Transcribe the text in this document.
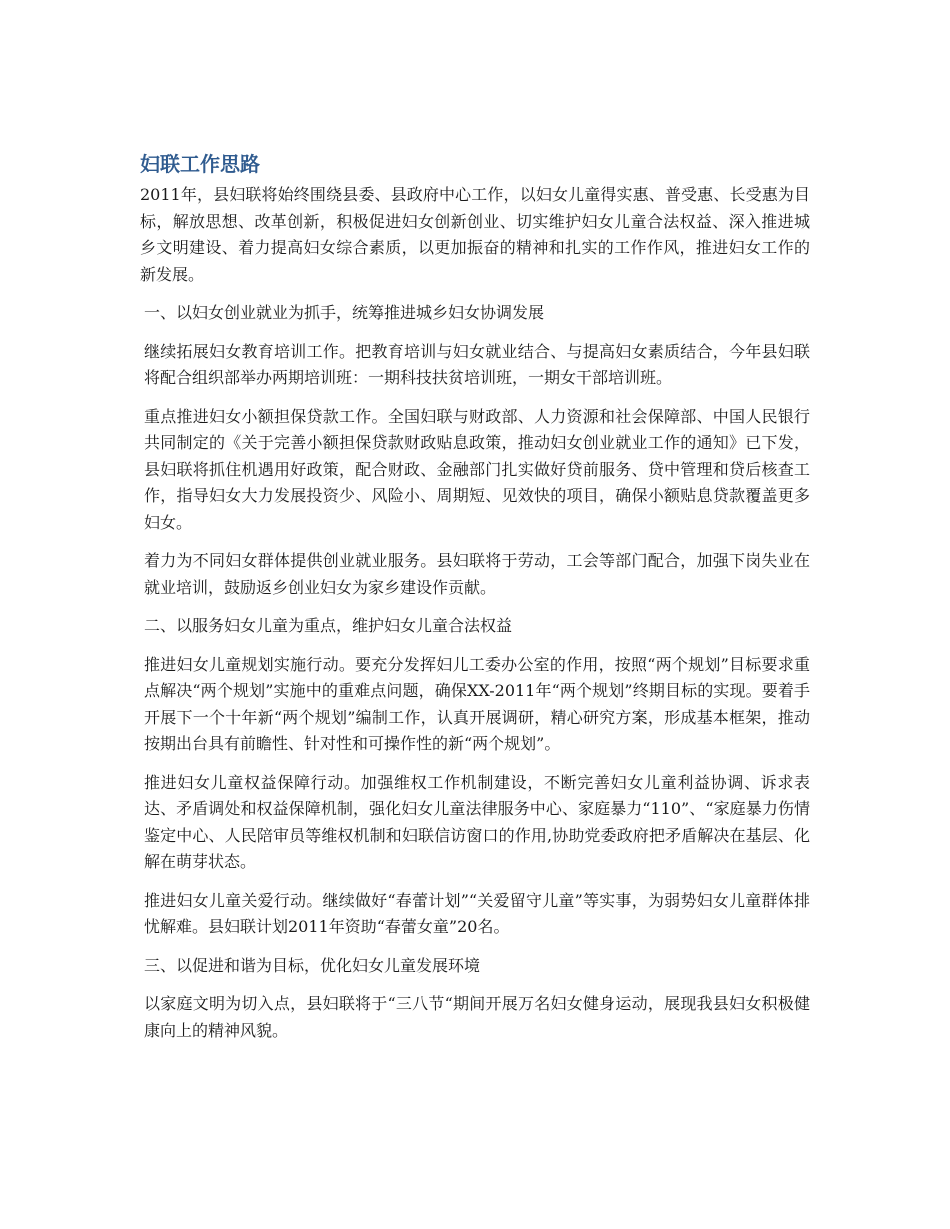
妇联工作思路

2011年，县妇联将始终围绕县委、县政府中心工作，以妇女儿童得实惠、普受惠、长受惠为目标，解放思想、改革创新，积极促进妇女创新创业、切实维护妇女儿童合法权益、深入推进城乡文明建设、着力提高妇女综合素质，以更加振奋的精神和扎实的工作作风，推进妇女工作的新发展。

一、以妇女创业就业为抓手，统筹推进城乡妇女协调发展

继续拓展妇女教育培训工作。把教育培训与妇女就业结合、与提高妇女素质结合，今年县妇联将配合组织部举办两期培训班：一期科技扶贫培训班，一期女干部培训班。

重点推进妇女小额担保贷款工作。全国妇联与财政部、人力资源和社会保障部、中国人民银行共同制定的《关于完善小额担保贷款财政贴息政策，推动妇女创业就业工作的通知》已下发，县妇联将抓住机遇用好政策，配合财政、金融部门扎实做好贷前服务、贷中管理和贷后核查工作，指导妇女大力发展投资少、风险小、周期短、见效快的项目，确保小额贴息贷款覆盖更多妇女。

着力为不同妇女群体提供创业就业服务。县妇联将于劳动，工会等部门配合，加强下岗失业在就业培训，鼓励返乡创业妇女为家乡建设作贡献。

二、以服务妇女儿童为重点，维护妇女儿童合法权益

推进妇女儿童规划实施行动。要充分发挥妇儿工委办公室的作用，按照“两个规划”目标要求重点解决“两个规划”实施中的重难点问题，确保XX-2011年“两个规划”终期目标的实现。要着手开展下一个十年新“两个规划”编制工作，认真开展调研，精心研究方案，形成基本框架，推动按期出台具有前瞻性、针对性和可操作性的新“两个规划”。

推进妇女儿童权益保障行动。加强维权工作机制建设，不断完善妇女儿童利益协调、诉求表达、矛盾调处和权益保障机制，强化妇女儿童法律服务中心、家庭暴力“110”、“家庭暴力伤情鉴定中心、人民陪审员等维权机制和妇联信访窗口的作用,协助党委政府把矛盾解决在基层、化解在萌芽状态。

推进妇女儿童关爱行动。继续做好“春蕾计划”“关爱留守儿童”等实事，为弱势妇女儿童群体排忧解难。县妇联计划2011年资助“春蕾女童”20名。

三、以促进和谐为目标，优化妇女儿童发展环境

以家庭文明为切入点，县妇联将于“三八节“期间开展万名妇女健身运动，展现我县妇女积极健康向上的精神风貌。
